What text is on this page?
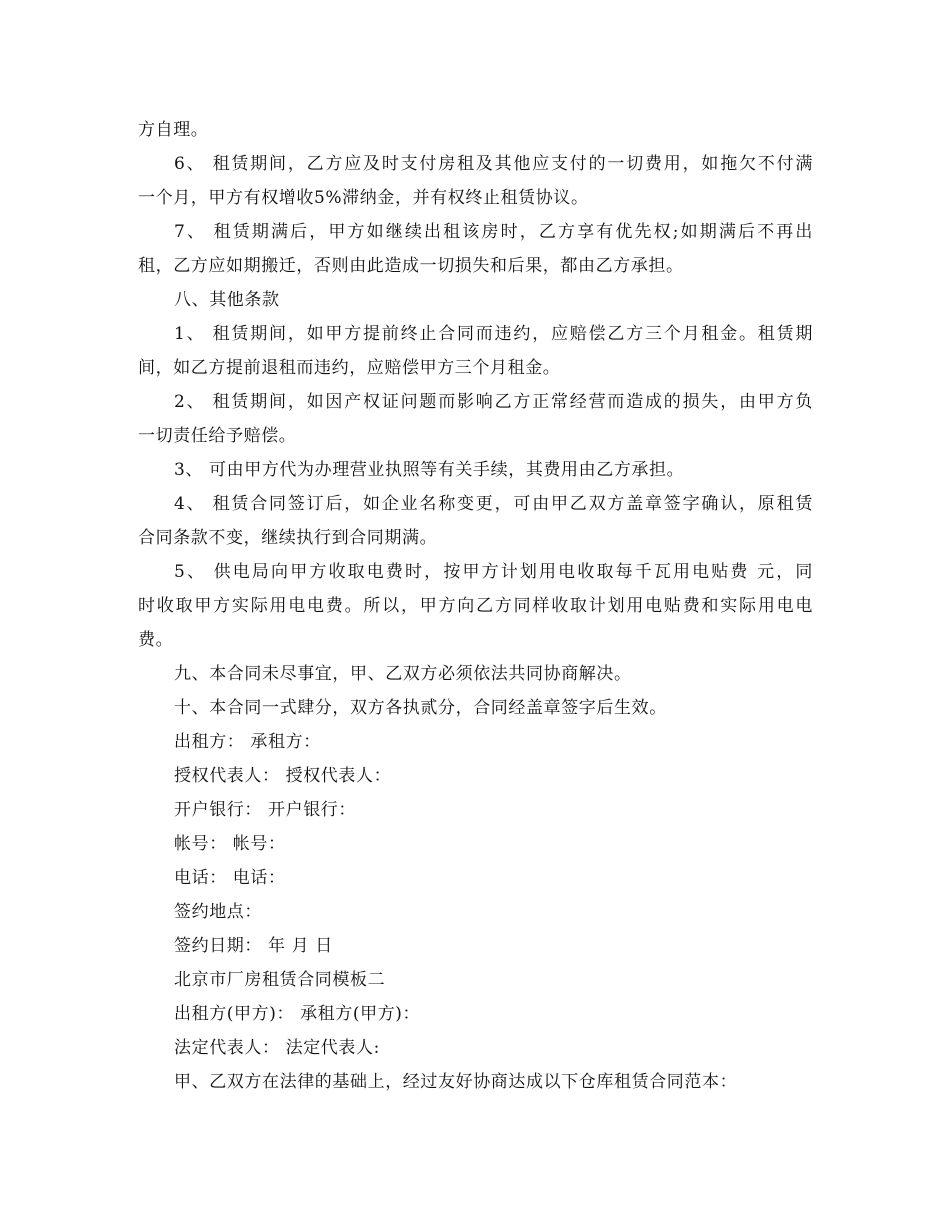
方自理。
6、 租赁期间，乙方应及时支付房租及其他应支付的一切费用，如拖欠不付满
一个月，甲方有权增收5%滞纳金，并有权终止租赁协议。
7、 租赁期满后，甲方如继续出租该房时，乙方享有优先权;如期满后不再出
租，乙方应如期搬迁，否则由此造成一切损失和后果，都由乙方承担。
八、其他条款
1、 租赁期间，如甲方提前终止合同而违约，应赔偿乙方三个月租金。租赁期
间，如乙方提前退租而违约，应赔偿甲方三个月租金。
2、 租赁期间，如因产权证问题而影响乙方正常经营而造成的损失，由甲方负
一切责任给予赔偿。
3、 可由甲方代为办理营业执照等有关手续，其费用由乙方承担。
4、 租赁合同签订后，如企业名称变更，可由甲乙双方盖章签字确认，原租赁
合同条款不变，继续执行到合同期满。
5、 供电局向甲方收取电费时，按甲方计划用电收取每千瓦用电贴费 元，同
时收取甲方实际用电电费。所以，甲方向乙方同样收取计划用电贴费和实际用电电
费。
九、本合同未尽事宜，甲、乙双方必须依法共同协商解决。
十、本合同一式肆分，双方各执贰分，合同经盖章签字后生效。
出租方： 承租方：
授权代表人： 授权代表人：
开户银行： 开户银行：
帐号： 帐号：
电话： 电话：
签约地点：
签约日期： 年 月 日
北京市厂房租赁合同模板二
出租方(甲方)： 承租方(甲方)：
法定代表人： 法定代表人:
甲、乙双方在法律的基础上，经过友好协商达成以下仓库租赁合同范本：
